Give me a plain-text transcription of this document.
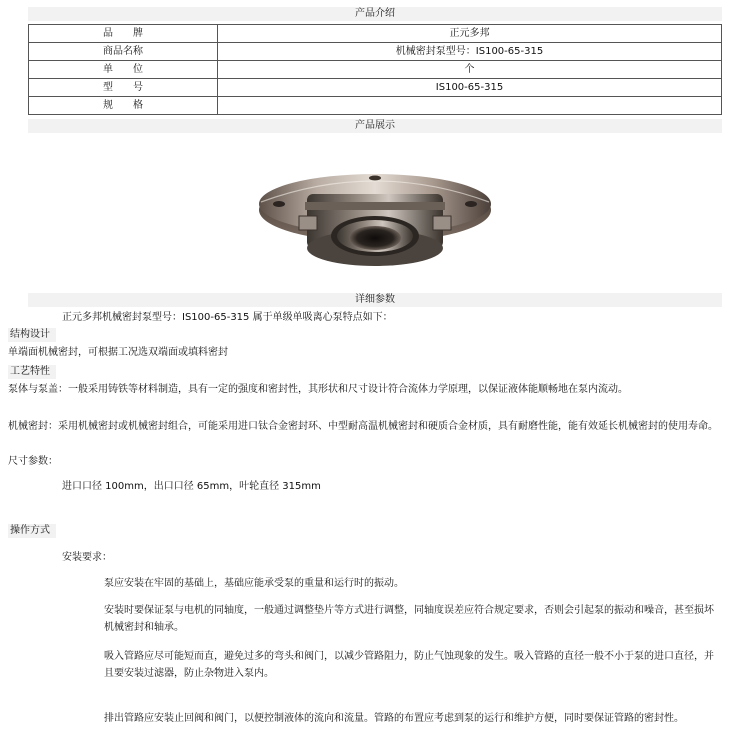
产品介绍
品　　牌	正元多邦
商品名称	机械密封泵型号：IS100-65-315
单　　位	个
型　　号	IS100-65-315
规　　格	
产品展示
详细参数
正元多邦机械密封泵型号：IS100-65-315 属于单级单吸离心泵特点如下：
结构设计
单端面机械密封，可根据工况选双端面或填料密封
工艺特性
泵体与泵盖：一般采用铸铁等材料制造，具有一定的强度和密封性，其形状和尺寸设计符合流体力学原理，以保证液体能顺畅地在泵内流动。
机械密封：采用机械密封或机械密封组合，可能采用进口钛合金密封环、中型耐高温机械密封和硬质合金材质，具有耐磨性能，能有效延长机械密封的使用寿命。
尺寸参数：
进口口径 100mm，出口口径 65mm，叶轮直径 315mm
操作方式
安装要求：
泵应安装在牢固的基础上，基础应能承受泵的重量和运行时的振动。
安装时要保证泵与电机的同轴度，一般通过调整垫片等方式进行调整，同轴度误差应符合规定要求，否则会引起泵的振动和噪音，甚至损坏机械密封和轴承。
吸入管路应尽可能短而直，避免过多的弯头和阀门，以减少管路阻力，防止气蚀现象的发生。吸入管路的直径一般不小于泵的进口直径，并且要安装过滤器，防止杂物进入泵内。
排出管路应安装止回阀和阀门，以便控制液体的流向和流量。管路的布置应考虑到泵的运行和维护方便，同时要保证管路的密封性。
